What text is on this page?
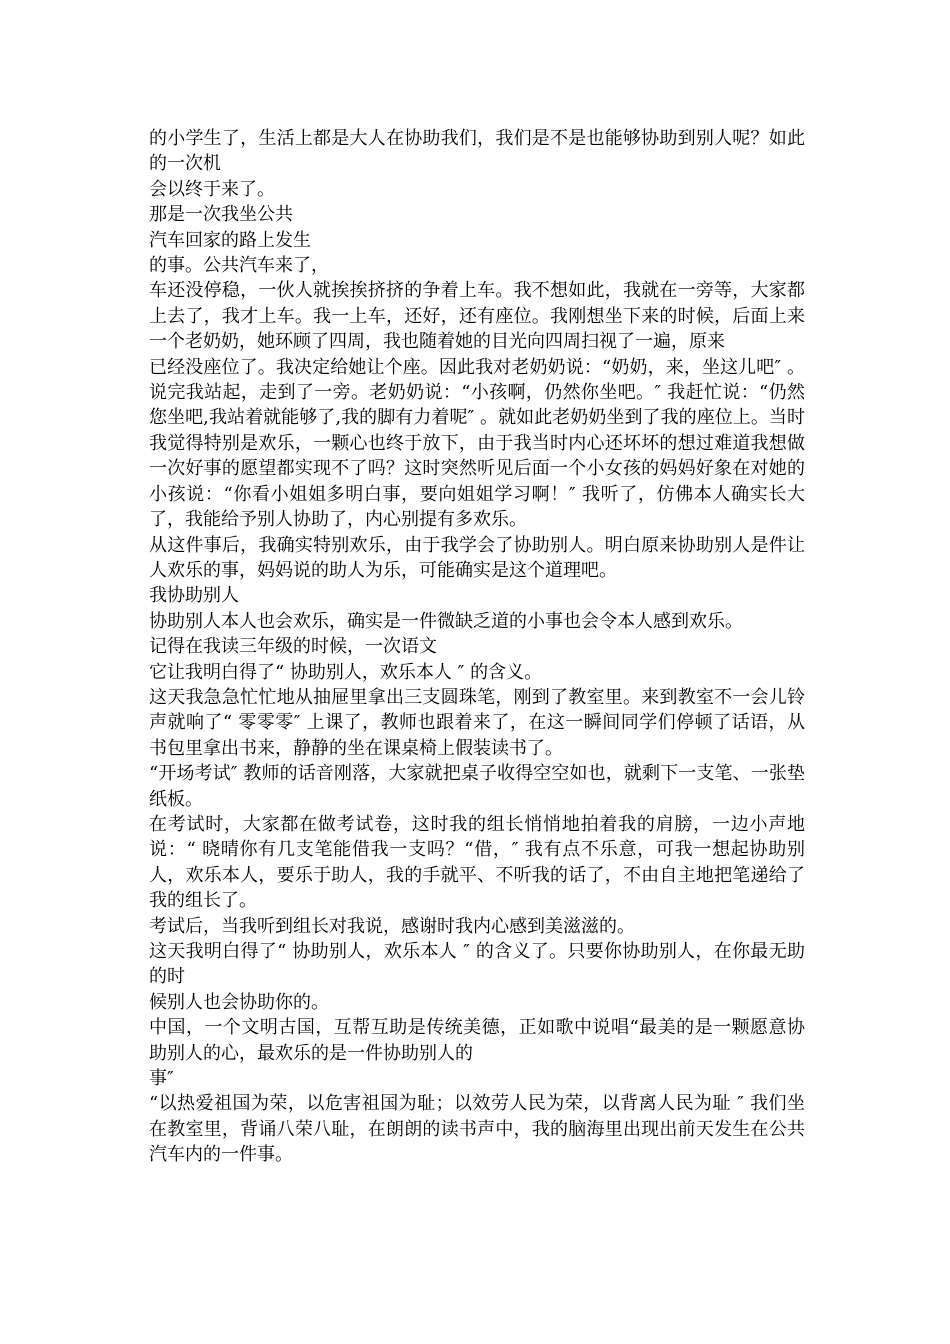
的小学生了，生活上都是大人在协助我们，我们是不是也能够协助到别人呢？如此的一次机

会以终于来了。

那是一次我坐公共

汽车回家的路上发生

的事。公共汽车来了，

车还没停稳，一伙人就挨挨挤挤的争着上车。我不想如此，我就在一旁等，大家都上去了，我才上车。我一上车，还好，还有座位。我刚想坐下来的时候，后面上来一个老奶奶，她环顾了四周，我也随着她的目光向四周扫视了一遍，原来

已经没座位了。我决定给她让个座。因此我对老奶奶说：“奶奶，来，坐这儿吧″ 。说完我站起，走到了一旁。老奶奶说：“小孩啊，仍然你坐吧。″ 我赶忙说：“仍然您坐吧,我站着就能够了,我的脚有力着呢″ 。就如此老奶奶坐到了我的座位上。当时我觉得特别是欢乐，一颗心也终于放下，由于我当时内心还坏坏的想过难道我想做一次好事的愿望都实现不了吗？这时突然听见后面一个小女孩的妈妈好象在对她的小孩说：“你看小姐姐多明白事，要向姐姐学习啊！″ 我听了，仿佛本人确实长大了，我能给予别人协助了，内心别提有多欢乐。

从这件事后，我确实特别欢乐，由于我学会了协助别人。明白原来协助别人是件让人欢乐的事，妈妈说的助人为乐，可能确实是这个道理吧。

我协助别人

协助别人本人也会欢乐，确实是一件微缺乏道的小事也会令本人感到欢乐。

记得在我读三年级的时候，一次语文

它让我明白得了“ 协助别人，欢乐本人 ″ 的含义。

这天我急急忙忙地从抽屉里拿出三支圆珠笔，刚到了教室里。来到教室不一会儿铃声就响了“ 零零零″ 上课了，教师也跟着来了，在这一瞬间同学们停顿了话语，从书包里拿出书来，静静的坐在课桌椅上假装读书了。

“开场考试″ 教师的话音刚落，大家就把桌子收得空空如也，就剩下一支笔、一张垫纸板。

在考试时，大家都在做考试卷，这时我的组长悄悄地拍着我的肩膀，一边小声地说：“ 晓晴你有几支笔能借我一支吗？“借，″ 我有点不乐意，可我一想起协助别人，欢乐本人，要乐于助人，我的手就平、不听我的话了，不由自主地把笔递给了我的组长了。

考试后，当我听到组长对我说，感谢时我内心感到美滋滋的。

这天我明白得了“ 协助别人，欢乐本人 ″ 的含义了。只要你协助别人，在你最无助的时

候别人也会协助你的。

中国，一个文明古国，互帮互助是传统美德，正如歌中说唱“最美的是一颗愿意协助别人的心，最欢乐的是一件协助别人的

事″

“以热爱祖国为荣，以危害祖国为耻；以效劳人民为荣，以背离人民为耻 ″ 我们坐在教室里，背诵八荣八耻，在朗朗的读书声中，我的脑海里出现出前天发生在公共汽车内的一件事。
